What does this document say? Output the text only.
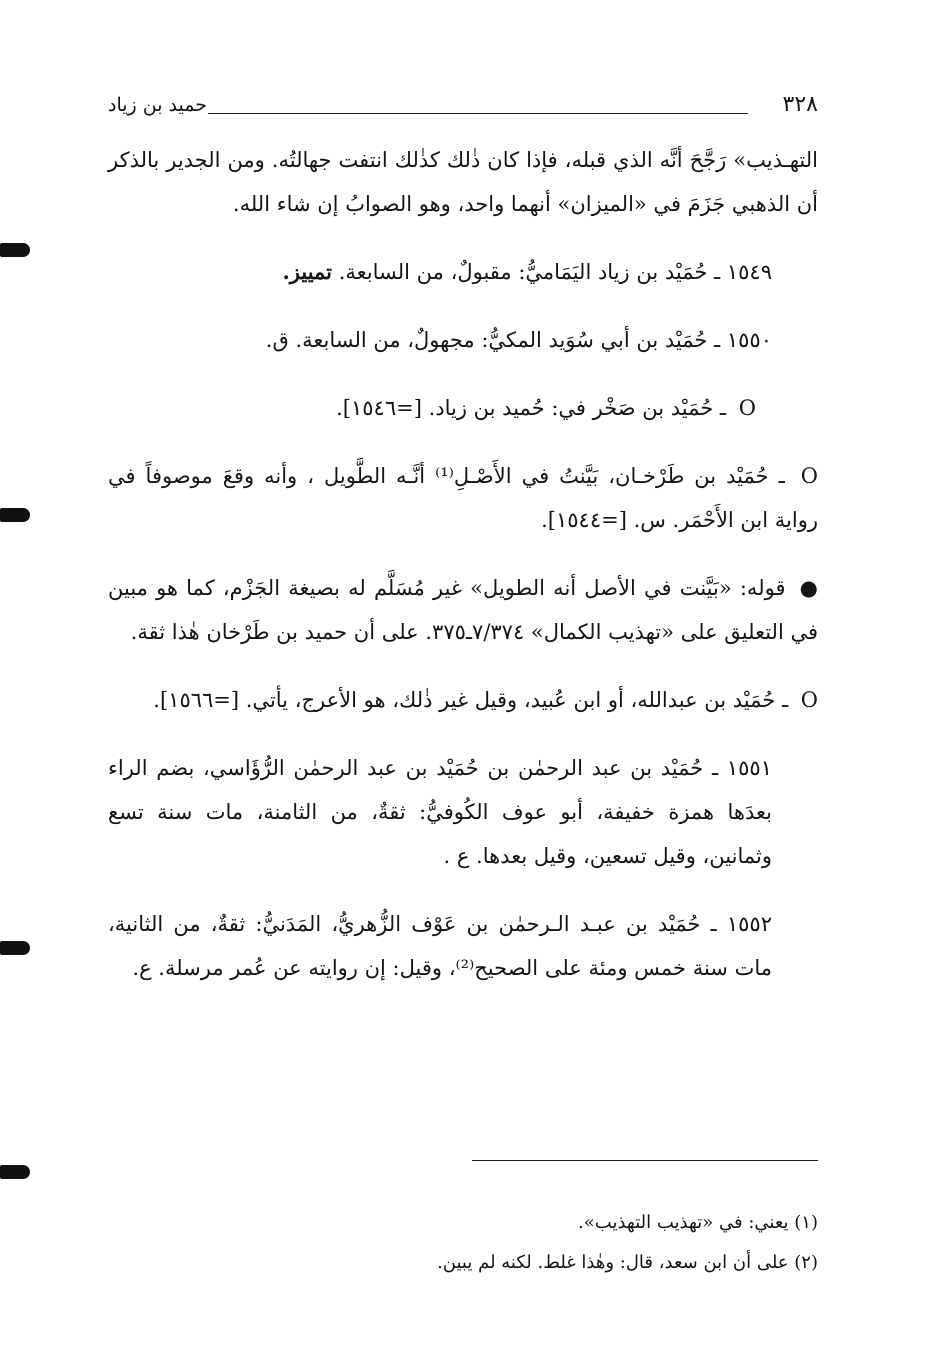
٣٢٨
حميد بن زياد

التهـذيب» رَجَّحَ أنَّه الذي قبله، فإذا كان ذٰلك كذٰلك انتفت جهالتُه. ومن الجدير بالذكر أن الذهبي جَزَمَ في «الميزان» أنهما واحد، وهو الصوابُ إن شاء الله.

١٥٤٩ ـ حُمَيْد بن زياد اليَمَاميُّ: مقبولٌ، من السابعة. تمييز.

١٥٥٠ ـ حُمَيْد بن أبي سُوَيد المكيُّ: مجهولٌ، من السابعة. ق.

O ـ حُمَيْد بن صَخْر في: حُميد بن زياد. [=١٥٤٦].

O ـ حُمَيْد بن طَرْخـان، بَيَّنتُ في الأَصْـلِ⁽¹⁾ أنَّـه الطَّويل ، وأنه وقعَ موصوفاً في رواية ابن الأَحْمَر. س. [=١٥٤٤].

● قوله: «بَيَّنت في الأصل أنه الطويل» غير مُسَلَّم له بصيغة الجَزْم، كما هو مبين في التعليق على «تهذيب الكمال» ٧/٣٧٤ـ٣٧٥. على أن حميد بن طَرْخان هٰذا ثقة.

O ـ حُمَيْد بن عبدالله، أو ابن عُبيد، وقيل غير ذٰلك، هو الأعرج، يأتي. [=١٥٦٦].

١٥٥١ ـ حُمَيْد بن عبد الرحمٰن بن حُمَيْد بن عبد الرحمٰن الرُّؤَاسي، بضم الراء بعدَها همزة خفيفة، أبو عوف الكُوفيُّ: ثقةٌ، من الثامنة، مات سنة تسع وثمانين، وقيل تسعين، وقيل بعدها. ع .

١٥٥٢ ـ حُمَيْد بن عبـد الـرحمٰن بن عَوْف الزُّهريُّ، المَدَنيُّ: ثقةٌ، من الثانية، مات سنة خمس ومئة على الصحيح⁽²⁾، وقيل: إن روايته عن عُمر مرسلة. ع.

(١) يعني: في «تهذيب التهذيب».

(٢) على أن ابن سعد، قال: وهٰذا غلط. لكنه لم يبين.
